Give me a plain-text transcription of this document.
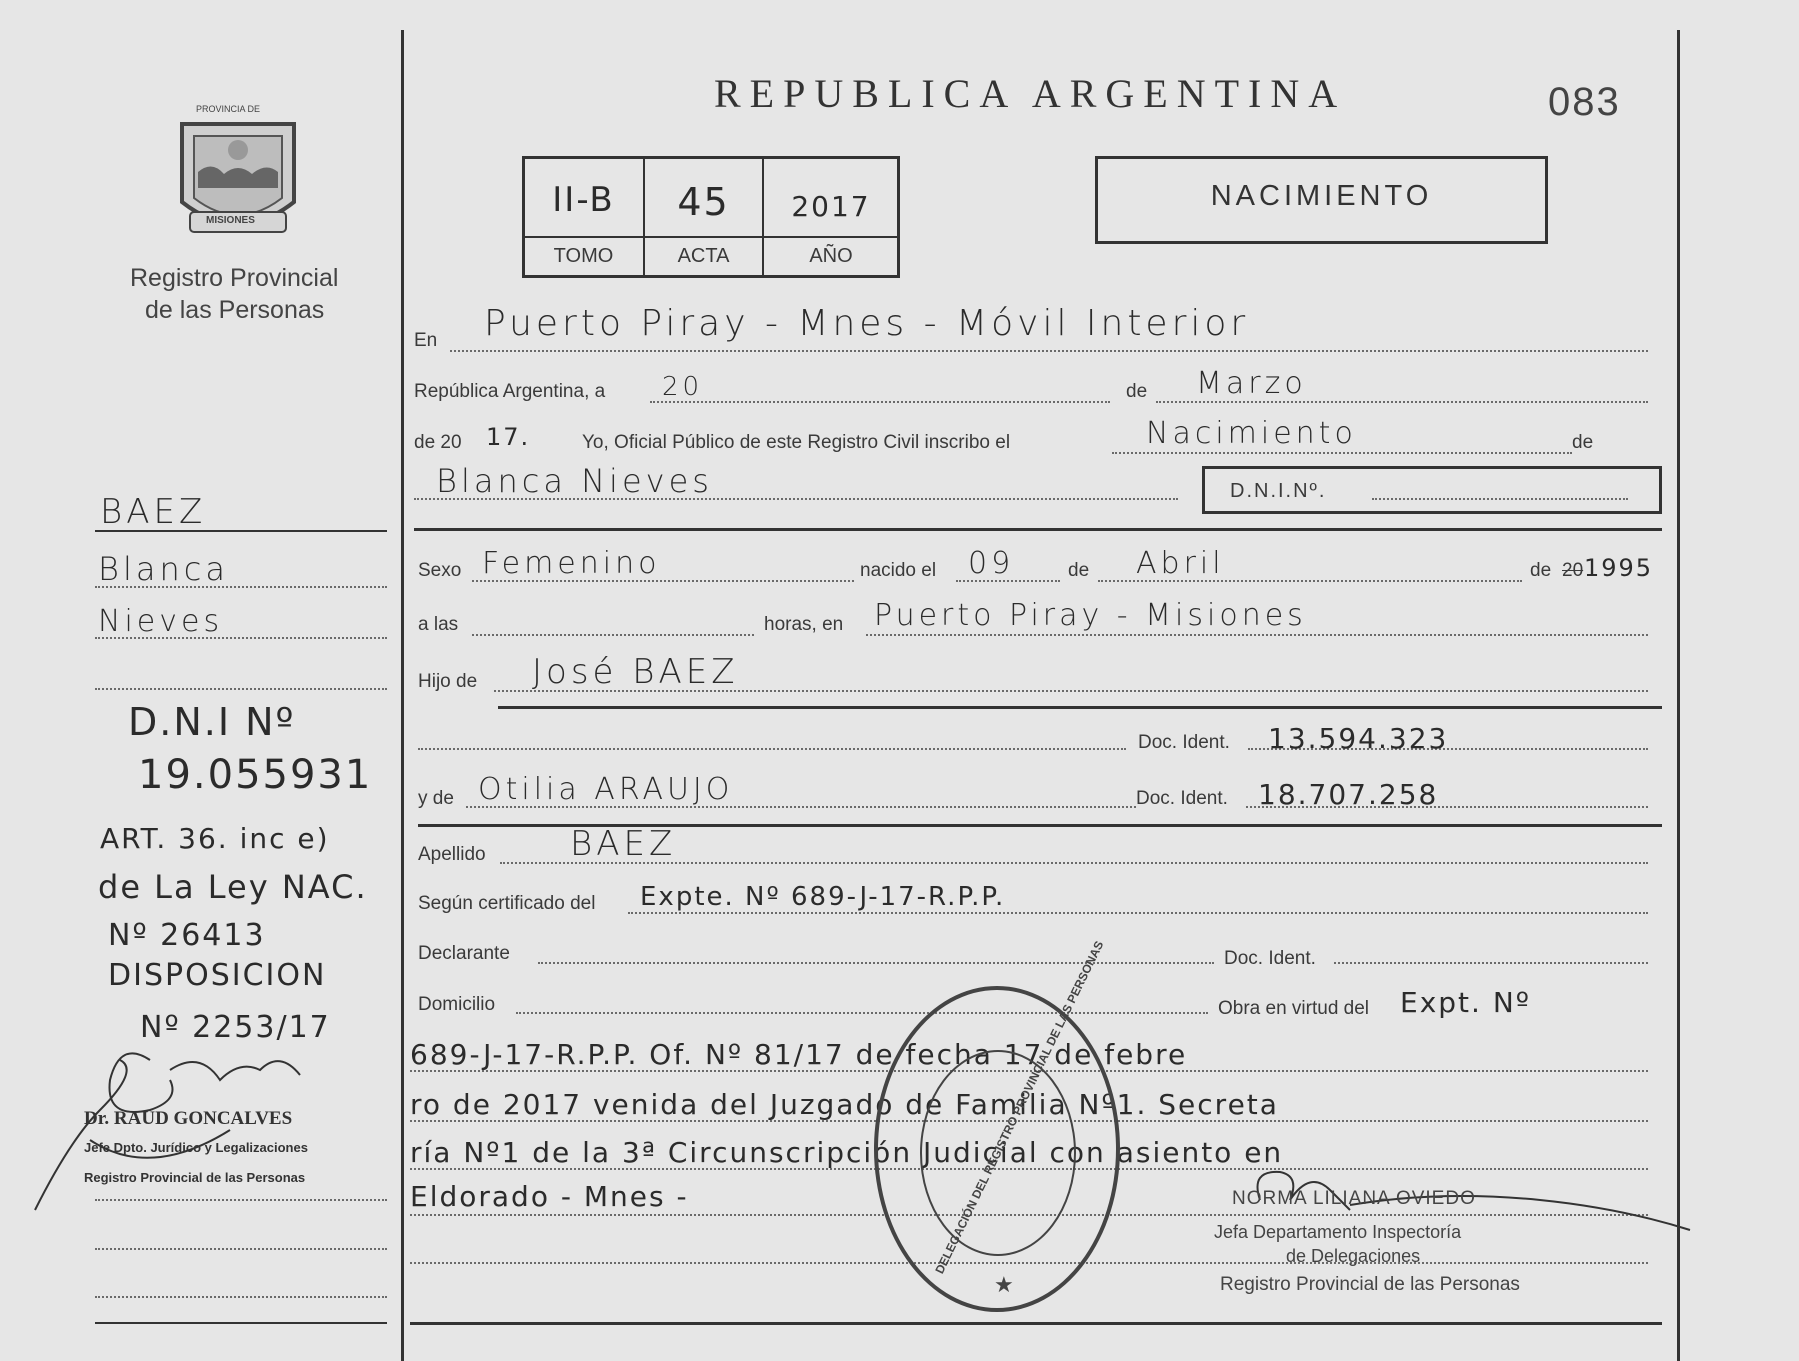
PROVINCIA DE
MISIONES
Registro Provincial
de las Personas
BAEZ
Blanca
Nieves
D.N.I Nº
19.055931
ART. 36. inc e)
de La Ley NAC.
Nº 26413
DISPOSICION
Nº 2253/17
Dr. RAUD GONCALVES
Jefe Dpto. Jurídico y Legalizaciones
Registro Provincial de las Personas
REPUBLICA ARGENTINA	083
II-B	45	2017
TOMO	ACTA	AÑO
NACIMIENTO
En Puerto Piray - Mnes - Móvil Interior
República Argentina, a 20	de Marzo
de 20 17.	Yo, Oficial Público de este Registro Civil inscribo el	Nacimiento	de
Blanca Nieves	D.N.I.Nº.
Sexo Femenino	nacido el 09	de Abril	de 20 1995
a las	horas, en Puerto Piray - Misiones
Hijo de José BAEZ
Doc. Ident. 13.594.323
y de Otilia ARAUJO	Doc. Ident. 18.707.258
Apellido BAEZ
Según certificado del Expte. Nº 689-J-17-R.P.P.
Declarante	Doc. Ident.
Domicilio	Obra en virtud del Expt. Nº
689-J-17-R.P.P. Of. Nº 81/17 de fecha 17 de febre
ro de 2017 venida del Juzgado de Familia Nº1. Secreta
ría Nº1 de la 3ª Circunscripción Judicial con asiento en
Eldorado - Mnes -
★
DELEGACIÓN DEL REGISTRO PROVINCIAL DE LAS PERSONAS	NORMA LILIANA OVIEDO
Jefa Departamento Inspectoría
de Delegaciones
Registro Provincial de las Personas
